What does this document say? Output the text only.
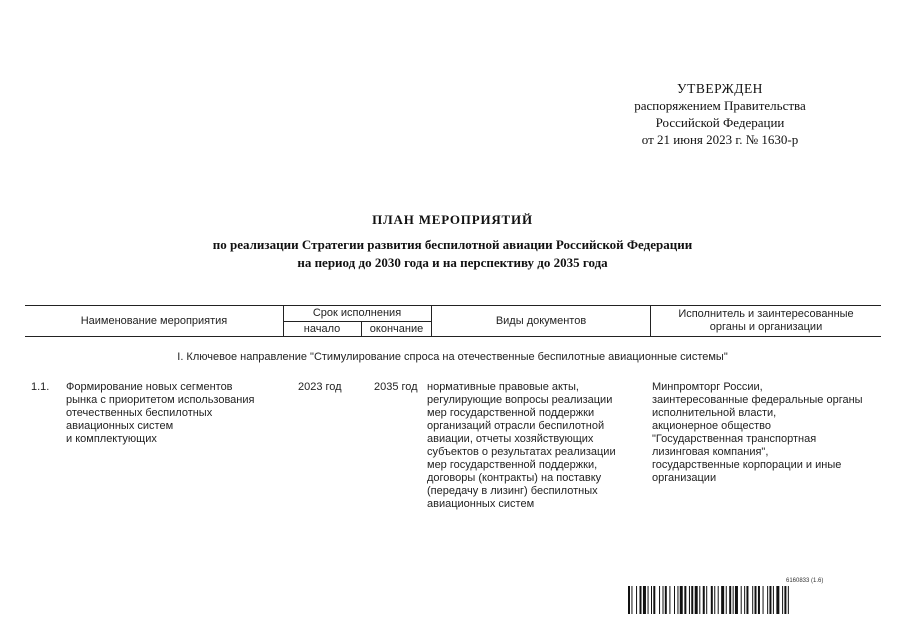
УТВЕРЖДЕН
распоряжением Правительства
Российской Федерации
от 21 июня 2023 г. № 1630-р
ПЛАН МЕРОПРИЯТИЙ
по реализации Стратегии развития беспилотной авиации Российской Федерации
на период до 2030 года и на перспективу до 2035 года
Наименование мероприятия
Срок исполнения
начало	окончание
Виды документов
Исполнитель и заинтересованные органы и организации
I. Ключевое направление "Стимулирование спроса на отечественные беспилотные авиационные системы"
1.1. Формирование новых сегментов
рынка с приоритетом использования
отечественных беспилотных
авиационных систем
и комплектующих
2023 год	2035 год нормативные правовые акты,
регулирующие вопросы реализации
мер государственной поддержки
организаций отрасли беспилотной
авиации, отчеты хозяйствующих
субъектов о результатах реализации
мер государственной поддержки,
договоры (контракты) на поставку
(передачу в лизинг) беспилотных
авиационных систем
Минпромторг России,
заинтересованные федеральные органы
исполнительной власти,
акционерное общество
"Государственная транспортная
лизинговая компания",
государственные корпорации и иные
организации
6160833 (1.6)
